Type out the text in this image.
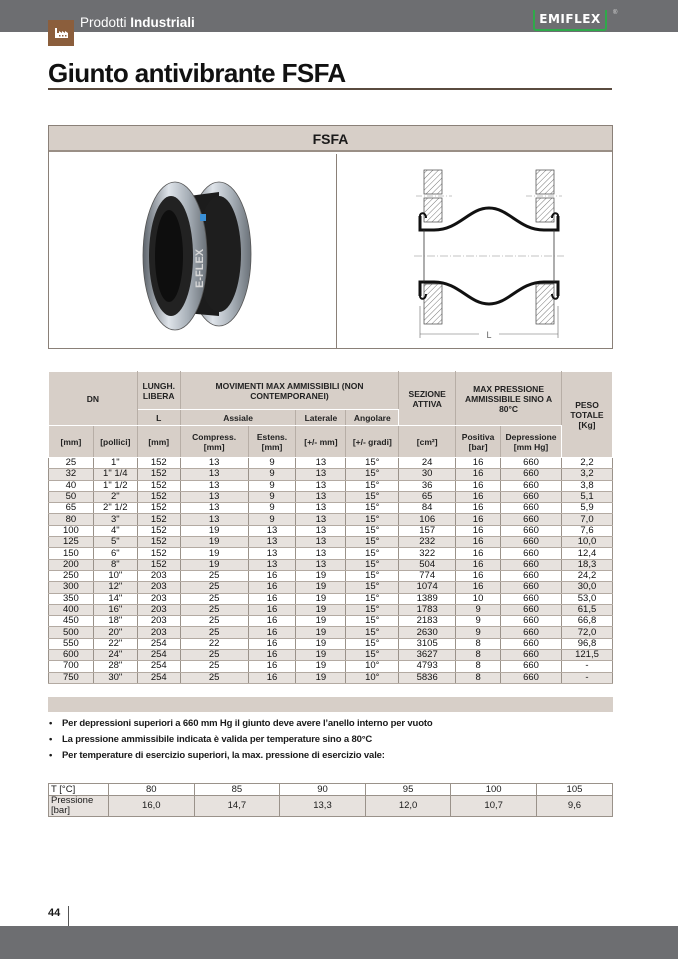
Prodotti Industriali	EMIFLEX	®
Giunto antivibrante FSFA
FSFA
E-FLEX
L
DN		LUNGH. LIBERA	MOVIMENTI MAX AMMISSIBILI (NON CONTEMPORANEI)				SEZIONE ATTIVA	MAX PRESSIONE AMMISSIBILE SINO A 80°C		PESO TOTALE [Kg]
		L	Assiale		Laterale	Angolare				
[mm]	[pollici]	[mm]	Compress. [mm]	Estens. [mm]	[+/- mm]	[+/- gradi]	[cm²]	Positiva [bar]	Depressione [mm Hg]	
25	1"	152	13	9	13	15°	24	16	660	2,2
32	1" 1/4	152	13	9	13	15°	30	16	660	3,2
40	1" 1/2	152	13	9	13	15°	36	16	660	3,8
50	2"	152	13	9	13	15°	65	16	660	5,1
65	2" 1/2	152	13	9	13	15°	84	16	660	5,9
80	3"	152	13	9	13	15°	106	16	660	7,0
100	4"	152	19	13	13	15°	157	16	660	7,6
125	5"	152	19	13	13	15°	232	16	660	10,0
150	6"	152	19	13	13	15°	322	16	660	12,4
200	8"	152	19	13	13	15°	504	16	660	18,3
250	10"	203	25	16	19	15°	774	16	660	24,2
300	12"	203	25	16	19	15°	1074	16	660	30,0
350	14"	203	25	16	19	15°	1389	10	660	53,0
400	16"	203	25	16	19	15°	1783	9	660	61,5
450	18"	203	25	16	19	15°	2183	9	660	66,8
500	20"	203	25	16	19	15°	2630	9	660	72,0
550	22"	254	22	16	19	15°	3105	8	660	96,8
600	24"	254	25	16	19	15°	3627	8	660	121,5
700	28"	254	25	16	19	10°	4793	8	660	-
750	30"	254	25	16	19	10°	5836	8	660	-
• Per depressioni superiori a 660 mm Hg il giunto deve avere l’anello interno per vuoto
• La pressione ammissibile indicata è valida per temperature sino a 80°C
• Per temperature di esercizio superiori, la max. pressione di esercizio vale:
T [°C]	80	85	90	95	100	105
Pressione [bar]	16,0	14,7	13,3	12,0	10,7	9,6
44
